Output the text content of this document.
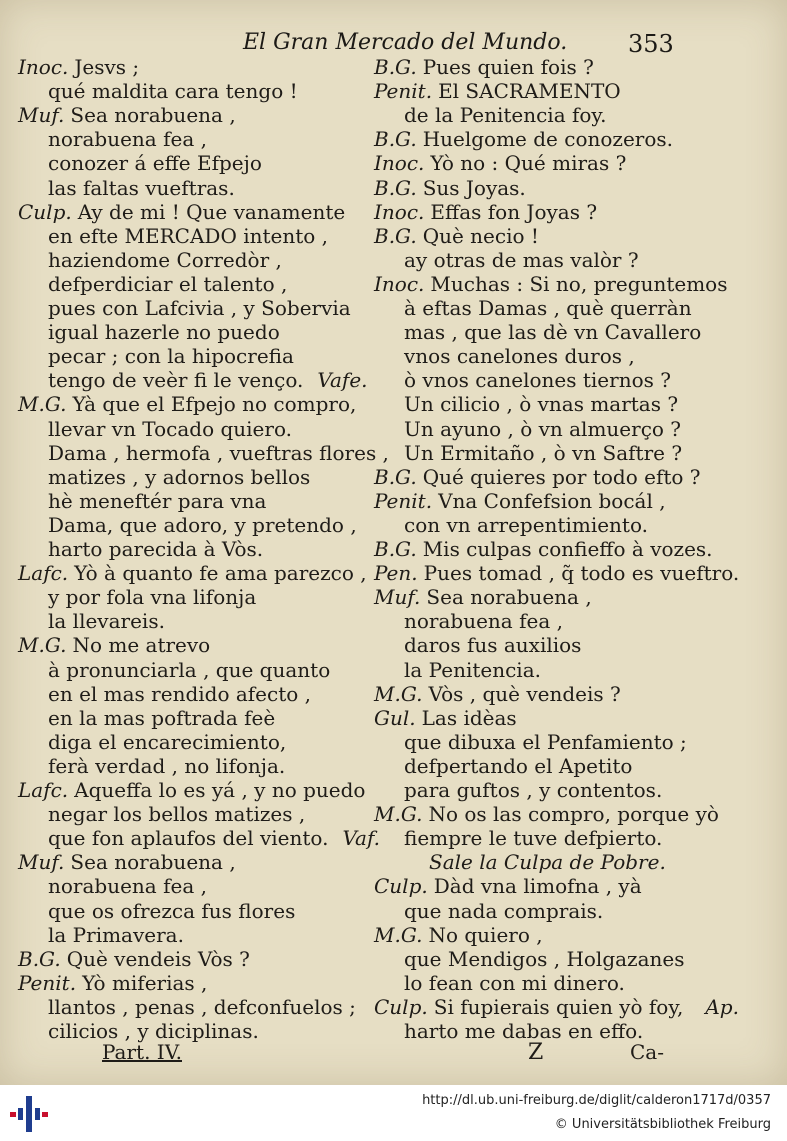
El Gran Mercado del Mundo.	353
Inoc. Jesvs ;
qué maldita cara tengo !
Muf. Sea norabuena ,
norabuena fea ,
conozer á effe Efpejo
las faltas vueftras.
Culp. Ay de mi ! Que vanamente
en efte MERCADO intento ,
haziendome Corredòr ,
defperdiciar el talento ,
pues con Lafcivia , y Sobervia
igual hazerle no puedo
pecar ; con la hipocrefia
tengo de veèr fi le venço. Vafe.
M.G. Yà que el Efpejo no compro,
llevar vn Tocado quiero.
Dama , hermofa , vueftras flores ,
matizes , y adornos bellos
hè meneftér para vna
Dama, que adoro, y pretendo ,
harto parecida à Vòs.
Lafc. Yò à quanto fe ama parezco ,
y por fola vna lifonja
la llevareis.
M.G. No me atrevo
à pronunciarla , que quanto
en el mas rendido afecto ,
en la mas poftrada feè
diga el encarecimiento,
ferà verdad , no lifonja.
Lafc. Aqueffa lo es yá , y no puedo
negar los bellos matizes ,
que fon aplaufos del viento. Vaf.
Muf. Sea norabuena ,
norabuena fea ,
que os ofrezca fus flores
la Primavera.
B.G. Què vendeis Vòs ?
Penit. Yò miferias ,
llantos , penas , defconfuelos ;
cilicios , y diciplinas.
B.G. Pues quien fois ?
Penit. El SACRAMENTO
de la Penitencia foy.
B.G. Huelgome de conozeros.
Inoc. Yò no : Qué miras ?
B.G. Sus Joyas.
Inoc. Effas fon Joyas ?
B.G. Què necio !
ay otras de mas valòr ?
Inoc. Muchas : Si no, preguntemos
à eftas Damas , què querràn
mas , que las dè vn Cavallero
vnos canelones duros ,
ò vnos canelones tiernos ?
Un cilicio , ò vnas martas ?
Un ayuno , ò vn almuerço ?
Un Ermitaño , ò vn Saftre ?
B.G. Qué quieres por todo efto ?
Penit. Vna Confefsion bocál ,
con vn arrepentimiento.
B.G. Mis culpas confieffo à vozes.
Pen. Pues tomad , q̃ todo es vueftro.
Muf. Sea norabuena ,
norabuena fea ,
daros fus auxilios
la Penitencia.
M.G. Vòs , què vendeis ?
Gul. Las idèas
que dibuxa el Penfamiento ;
defpertando el Apetito
para guftos , y contentos.
M.G. No os las compro, porque yò
fiempre le tuve defpierto.
Sale la Culpa de Pobre.
Culp. Dàd vna limofna , yà
que nada comprais.
M.G. No quiero ,
que Mendigos , Holgazanes
lo fean con mi dinero.
Culp. Si fupierais quien yò foy, Ap.
harto me dabas en effo.
Part. IV.	Z	Ca-
http://dl.ub.uni-freiburg.de/diglit/calderon1717d/0357
© Universitätsbibliothek Freiburg
